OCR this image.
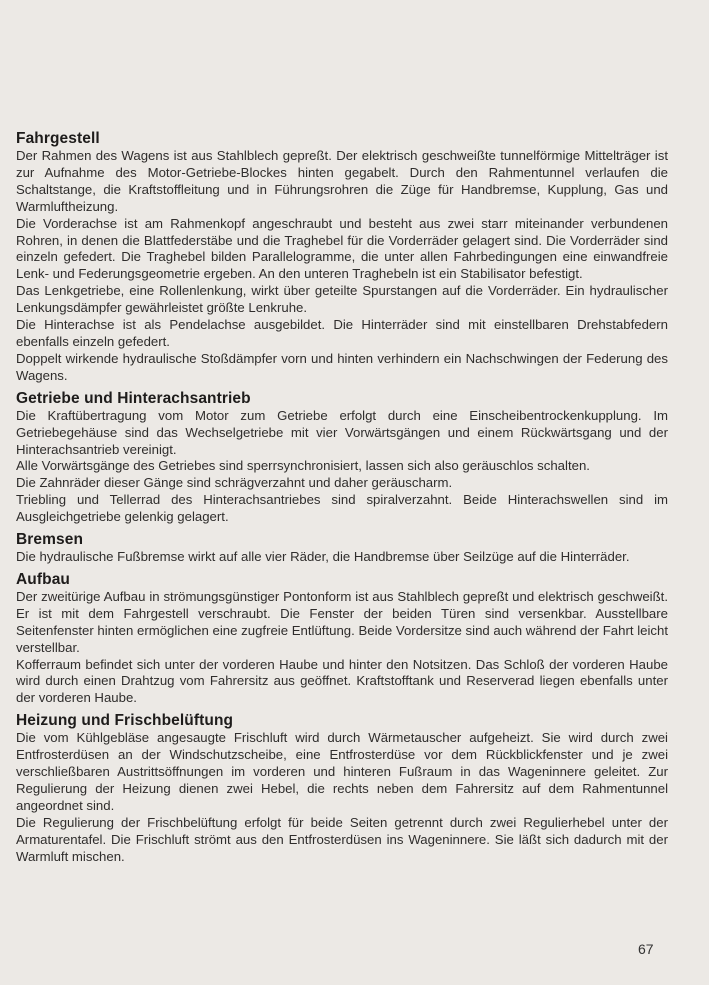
Fahrgestell

Der Rahmen des Wagens ist aus Stahlblech gepreßt. Der elektrisch geschweißte tunnelförmige Mittelträger ist zur Aufnahme des Motor-Getriebe-Blockes hinten gegabelt. Durch den Rahmentunnel verlaufen die Schaltstange, die Kraftstoffleitung und in Führungsrohren die Züge für Handbremse, Kupplung, Gas und Warmluftheizung.

Die Vorderachse ist am Rahmenkopf angeschraubt und besteht aus zwei starr miteinander verbundenen Rohren, in denen die Blattfederstäbe und die Traghebel für die Vorderräder gelagert sind. Die Vorderräder sind einzeln gefedert. Die Traghebel bilden Parallelogramme, die unter allen Fahrbedingungen eine einwandfreie Lenk- und Federungsgeometrie ergeben. An den unteren Traghebeln ist ein Stabilisator befestigt.

Das Lenkgetriebe, eine Rollenlenkung, wirkt über geteilte Spurstangen auf die Vorderräder. Ein hydraulischer Lenkungsdämpfer gewährleistet größte Lenkruhe.

Die Hinterachse ist als Pendelachse ausgebildet. Die Hinterräder sind mit einstellbaren Drehstabfedern ebenfalls einzeln gefedert.

Doppelt wirkende hydraulische Stoßdämpfer vorn und hinten verhindern ein Nachschwingen der Federung des Wagens.

Getriebe und Hinterachsantrieb

Die Kraftübertragung vom Motor zum Getriebe erfolgt durch eine Einscheibentrockenkupplung. Im Getriebegehäuse sind das Wechselgetriebe mit vier Vorwärtsgängen und einem Rückwärtsgang und der Hinterachsantrieb vereinigt.

Alle Vorwärtsgänge des Getriebes sind sperrsynchronisiert, lassen sich also geräuschlos schalten.

Die Zahnräder dieser Gänge sind schrägverzahnt und daher geräuscharm.

Triebling und Tellerrad des Hinterachsantriebes sind spiralverzahnt. Beide Hinterachswellen sind im Ausgleichgetriebe gelenkig gelagert.

Bremsen

Die hydraulische Fußbremse wirkt auf alle vier Räder, die Handbremse über Seilzüge auf die Hinterräder.

Aufbau

Der zweitürige Aufbau in strömungsgünstiger Pontonform ist aus Stahlblech gepreßt und elektrisch geschweißt. Er ist mit dem Fahrgestell verschraubt. Die Fenster der beiden Türen sind versenkbar. Ausstellbare Seitenfenster hinten ermöglichen eine zugfreie Entlüftung. Beide Vordersitze sind auch während der Fahrt leicht verstellbar.

Kofferraum befindet sich unter der vorderen Haube und hinter den Notsitzen. Das Schloß der vorderen Haube wird durch einen Drahtzug vom Fahrersitz aus geöffnet. Kraftstofftank und Reserverad liegen ebenfalls unter der vorderen Haube.

Heizung und Frischbelüftung

Die vom Kühlgebläse angesaugte Frischluft wird durch Wärmetauscher aufgeheizt. Sie wird durch zwei Entfrosterdüsen an der Windschutzscheibe, eine Entfrosterdüse vor dem Rückblickfenster und je zwei verschließbaren Austrittsöffnungen im vorderen und hinteren Fußraum in das Wageninnere geleitet. Zur Regulierung der Heizung dienen zwei Hebel, die rechts neben dem Fahrersitz auf dem Rahmentunnel angeordnet sind.

Die Regulierung der Frischbelüftung erfolgt für beide Seiten getrennt durch zwei Regulierhebel unter der Armaturentafel. Die Frischluft strömt aus den Entfrosterdüsen ins Wageninnere. Sie läßt sich dadurch mit der Warmluft mischen.

67
